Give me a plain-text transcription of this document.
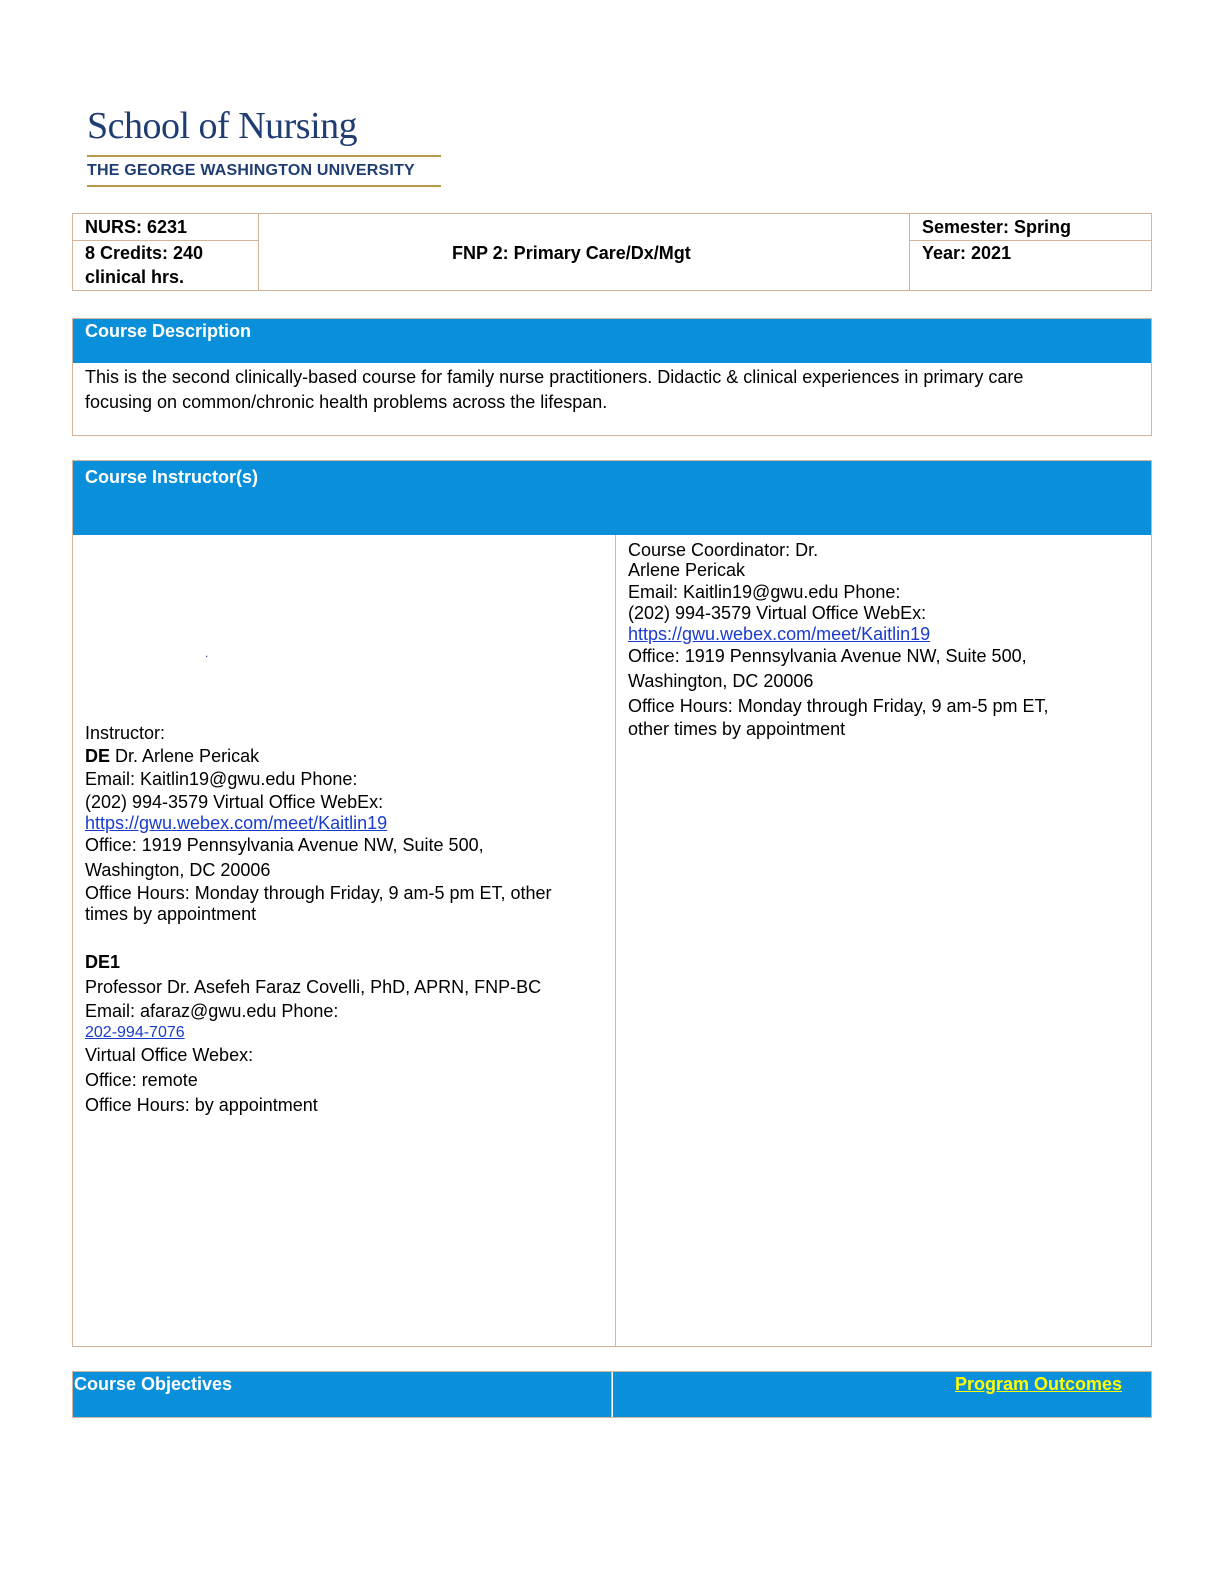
School of Nursing
THE GEORGE WASHINGTON UNIVERSITY
NURS: 6231
8 Credits: 240
clinical hrs.
FNP 2: Primary Care/Dx/Mgt
Semester: Spring
Year: 2021
Course Description
This is the second clinically-based course for family nurse practitioners. Didactic & clinical experiences in primary care
focusing on common/chronic health problems across the lifespan.
Course Instructor(s)
.
Instructor:
DE Dr. Arlene Pericak
Email: Kaitlin19@gwu.edu Phone:
(202) 994-3579 Virtual Office WebEx:
https://gwu.webex.com/meet/Kaitlin19
Office: 1919 Pennsylvania Avenue NW, Suite 500,
Washington, DC 20006
Office Hours: Monday through Friday, 9 am-5 pm ET, other
times by appointment
DE1
Professor Dr. Asefeh Faraz Covelli, PhD, APRN, FNP-BC
Email: afaraz@gwu.edu Phone:
202-994-7076
Virtual Office Webex:
Office: remote
Office Hours: by appointment
Course Coordinator: Dr.
Arlene Pericak
Email: Kaitlin19@gwu.edu Phone:
(202) 994-3579 Virtual Office WebEx:
https://gwu.webex.com/meet/Kaitlin19
Office: 1919 Pennsylvania Avenue NW, Suite 500,
Washington, DC 20006
Office Hours: Monday through Friday, 9 am-5 pm ET,
other times by appointment
Course Objectives	Program Outcomes
